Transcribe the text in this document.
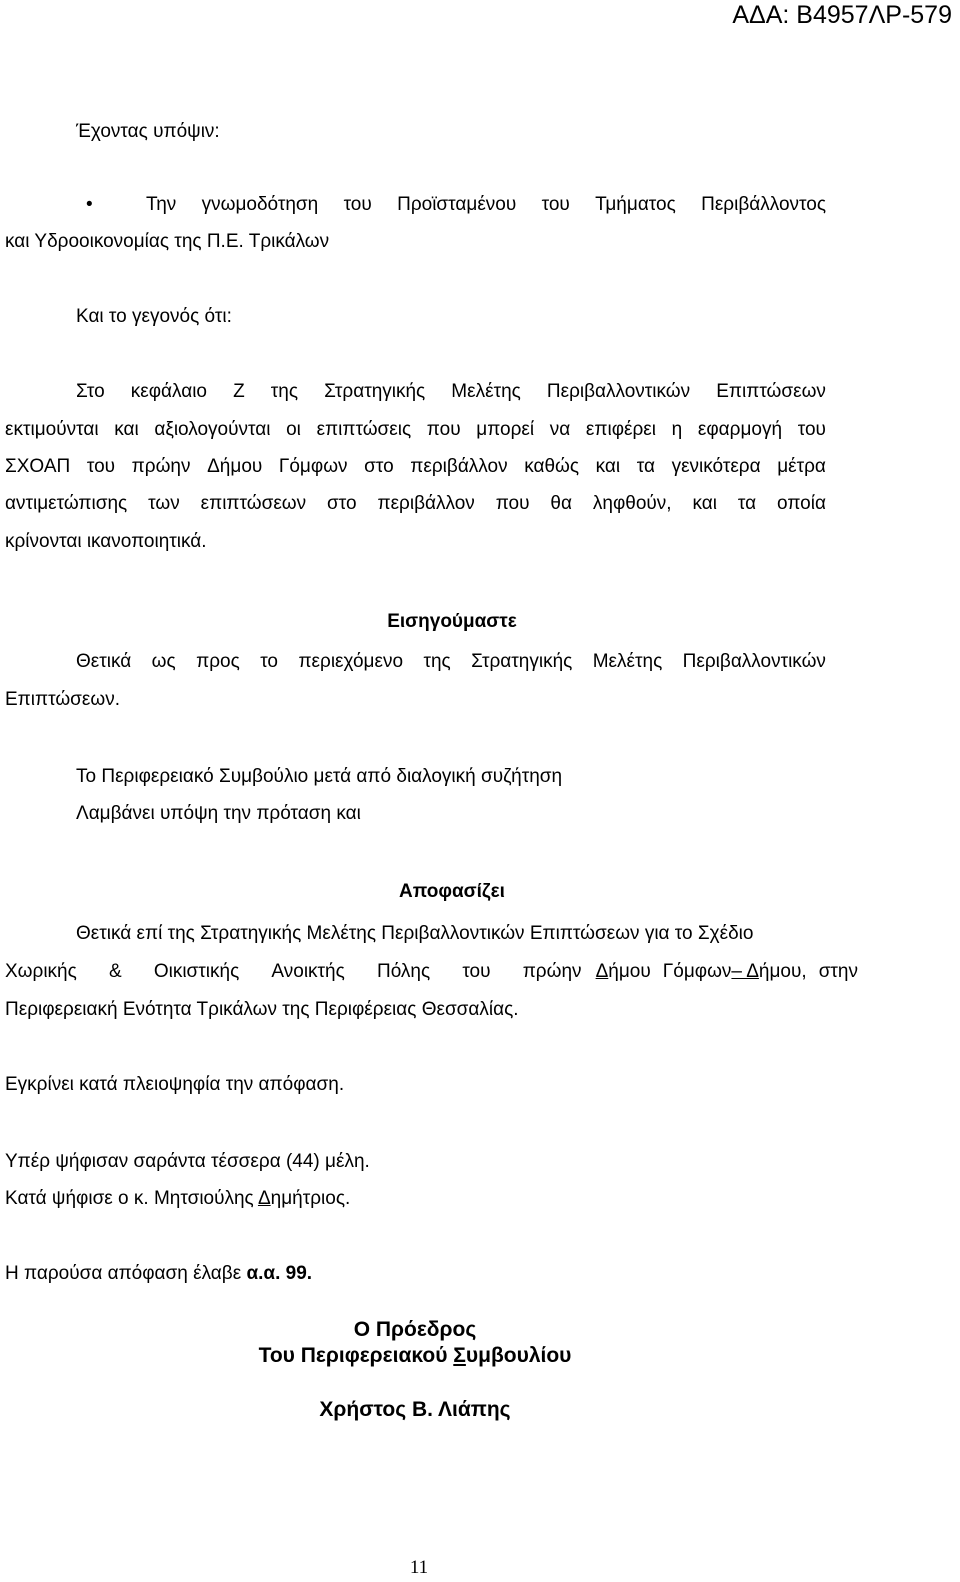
ΑΔΑ: Β4957ΛΡ-579
Έχοντας υπόψιν:
•	Την γνωμοδότηση του Προϊσταμένου του Τμήματος Περιβάλλοντος
και Υδροοικονομίας της Π.Ε. Τρικάλων
Και το γεγονός ότι:
Στο κεφάλαιο Ζ της Στρατηγικής Μελέτης Περιβαλλοντικών Επιπτώσεων
εκτιμούνται και αξιολογούνται οι επιπτώσεις που μπορεί να επιφέρει η εφαρμογή του
ΣΧΟΑΠ του πρώην Δήμου Γόμφων στο περιβάλλον καθώς και τα γενικότερα μέτρα
αντιμετώπισης των επιπτώσεων στο περιβάλλον που θα ληφθούν, και τα οποία
κρίνονται ικανοποιητικά.
Εισηγούμαστε
Θετικά ως προς το περιεχόμενο της Στρατηγικής Μελέτης Περιβαλλοντικών
Επιπτώσεων.
Το Περιφερειακό Συμβούλιο μετά από διαλογική συζήτηση
Λαμβάνει υπόψη την πρόταση και
Αποφασίζει
Θετικά επί της Στρατηγικής Μελέτης Περιβαλλοντικών Επιπτώσεων για το Σχέδιο
Χωρικής & Οικιστικής Ανοικτής Πόλης του πρώην Δήμου Γόμφων– Δήμου, στην
Περιφερειακή Ενότητα Τρικάλων της Περιφέρειας Θεσσαλίας.
Εγκρίνει κατά πλειοψηφία την απόφαση.
Υπέρ ψήφισαν σαράντα τέσσερα (44) μέλη.
Κατά ψήφισε ο κ. Μητσιούλης Δημήτριος.
Η παρούσα απόφαση έλαβε α.α. 99.
Ο Πρόεδρος
Του Περιφερειακού Συμβουλίου
Χρήστος Β. Λιάπης
11
